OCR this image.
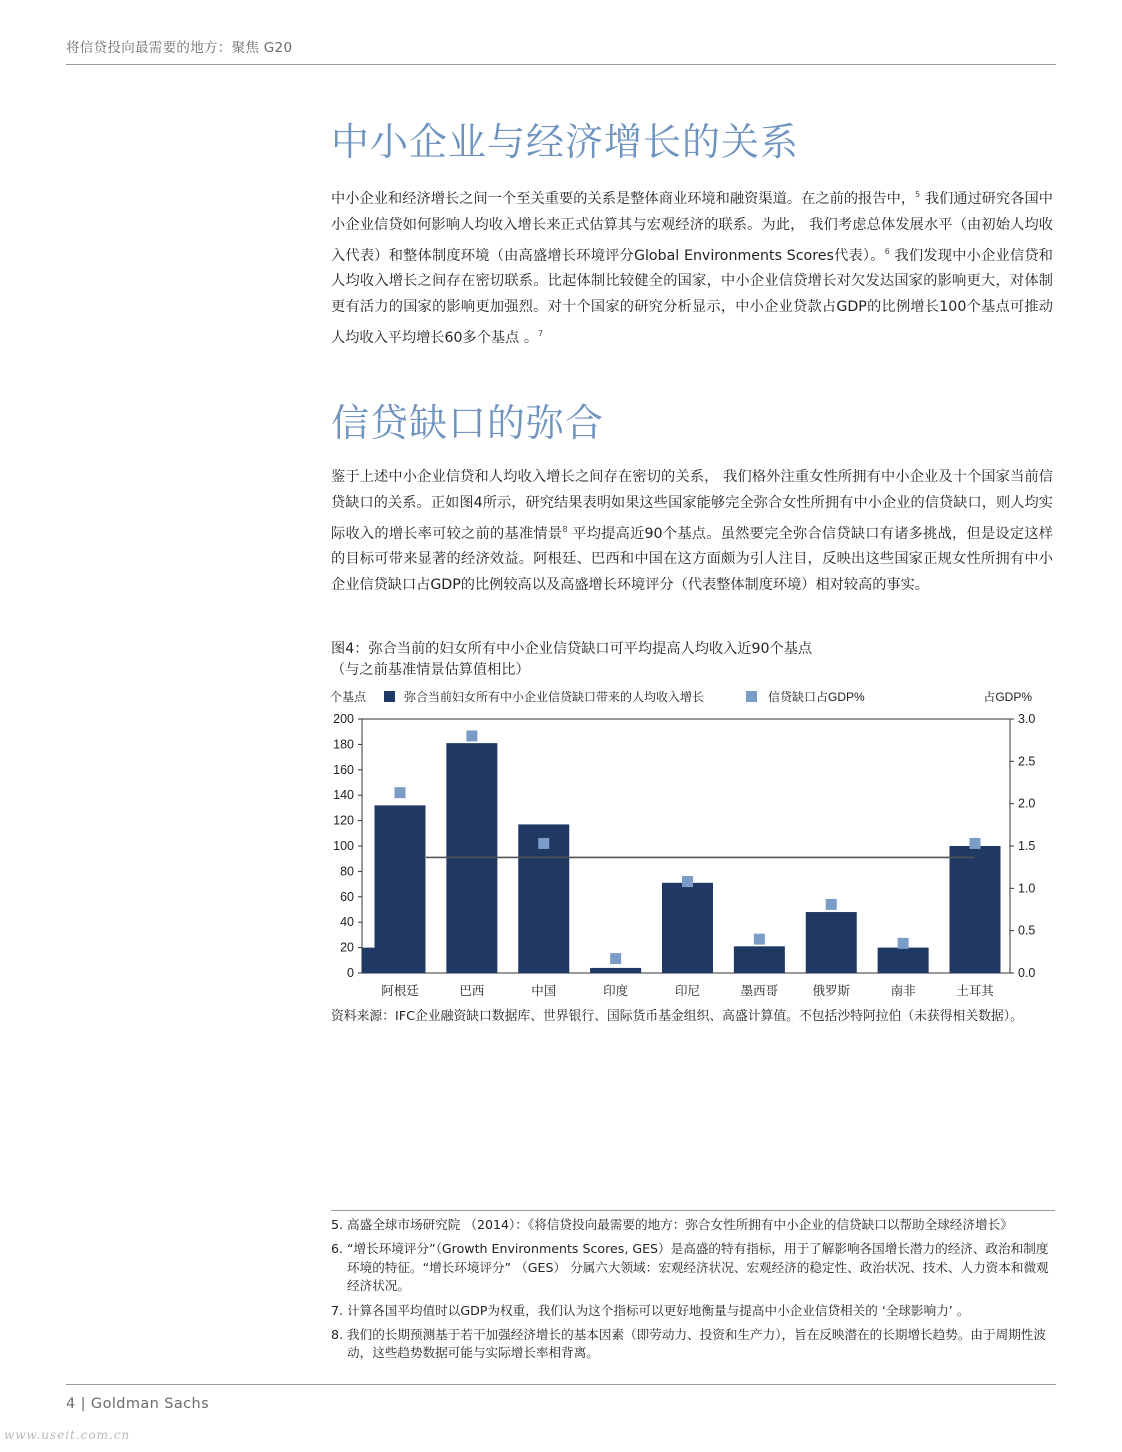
将信贷投向最需要的地方：聚焦 G20
中小企业与经济增长的关系

中小企业和经济增长之间一个至关重要的关系是整体商业环境和融资渠道。在之前的报告中，$^5$ 我们通过研究各国中小企业信贷如何影响人均收入增长来正式估算其与宏观经济的联系。为此， 我们考虑总体发展水平（由初始人均收入代表）和整体制度环境（由高盛增长环境评分Global Environments Scores代表）。$^6$ 我们发现中小企业信贷和人均收入增长之间存在密切联系。比起体制比较健全的国家，中小企业信贷增长对欠发达国家的影响更大，对体制更有活力的国家的影响更加强烈。对十个国家的研究分析显示，中小企业贷款占GDP的比例增长100个基点可推动人均收入平均增长60多个基点 。$^7$

信贷缺口的弥合

鉴于上述中小企业信贷和人均收入增长之间存在密切的关系， 我们格外注重女性所拥有中小企业及十个国家当前信贷缺口的关系。正如图4所示，研究结果表明如果这些国家能够完全弥合女性所拥有中小企业的信贷缺口，则人均实际收入的增长率可较之前的基准情景$^8$ 平均提高近90个基点。虽然要完全弥合信贷缺口有诸多挑战，但是设定这样的目标可带来显著的经济效益。阿根廷、巴西和中国在这方面颇为引人注目，反映出这些国家正规女性所拥有中小企业信贷缺口占GDP的比例较高以及高盛增长环境评分（代表整体制度环境）相对较高的事实。

图4：弥合当前的妇女所有中小企业信贷缺口可平均提高人均收入近90个基点
（与之前基准情景估算值相比）
个基点	弥合当前妇女所有中小企业信贷缺口带来的人均收入增长	信贷缺口占GDP%	占GDP%
200
180
160
140
120
100
80
60
40
20
0
3.0
2.5
2.0
1.5
1.0
0.5
0.0
阿根廷	巴西	中国	印度	印尼	墨西哥	俄罗斯	南非	土耳其
资料来源：IFC企业融资缺口数据库、世界银行、国际货币基金组织、高盛计算值。不包括沙特阿拉伯（未获得相关数据）。

5. 高盛全球市场研究院 （2014）：《将信贷投向最需要的地方：弥合女性所拥有中小企业的信贷缺口以帮助全球经济增长》

6. “增长环境评分”（Growth Environments Scores, GES）是高盛的特有指标，用于了解影响各国增长潜力的经济、政治和制度环境的特征。“增长环境评分” （GES） 分属六大领域：宏观经济状况、宏观经济的稳定性、政治状况、技术、人力资本和微观经济状况。

7. 计算各国平均值时以GDP为权重，我们认为这个指标可以更好地衡量与提高中小企业信贷相关的 ‘全球影响力’ 。

8. 我们的长期预测基于若干加强经济增长的基本因素（即劳动力、投资和生产力），旨在反映潜在的长期增长趋势。由于周期性波动，这些趋势数据可能与实际增长率相背离。

4 | Goldman Sachs
www.useit.com.cn
